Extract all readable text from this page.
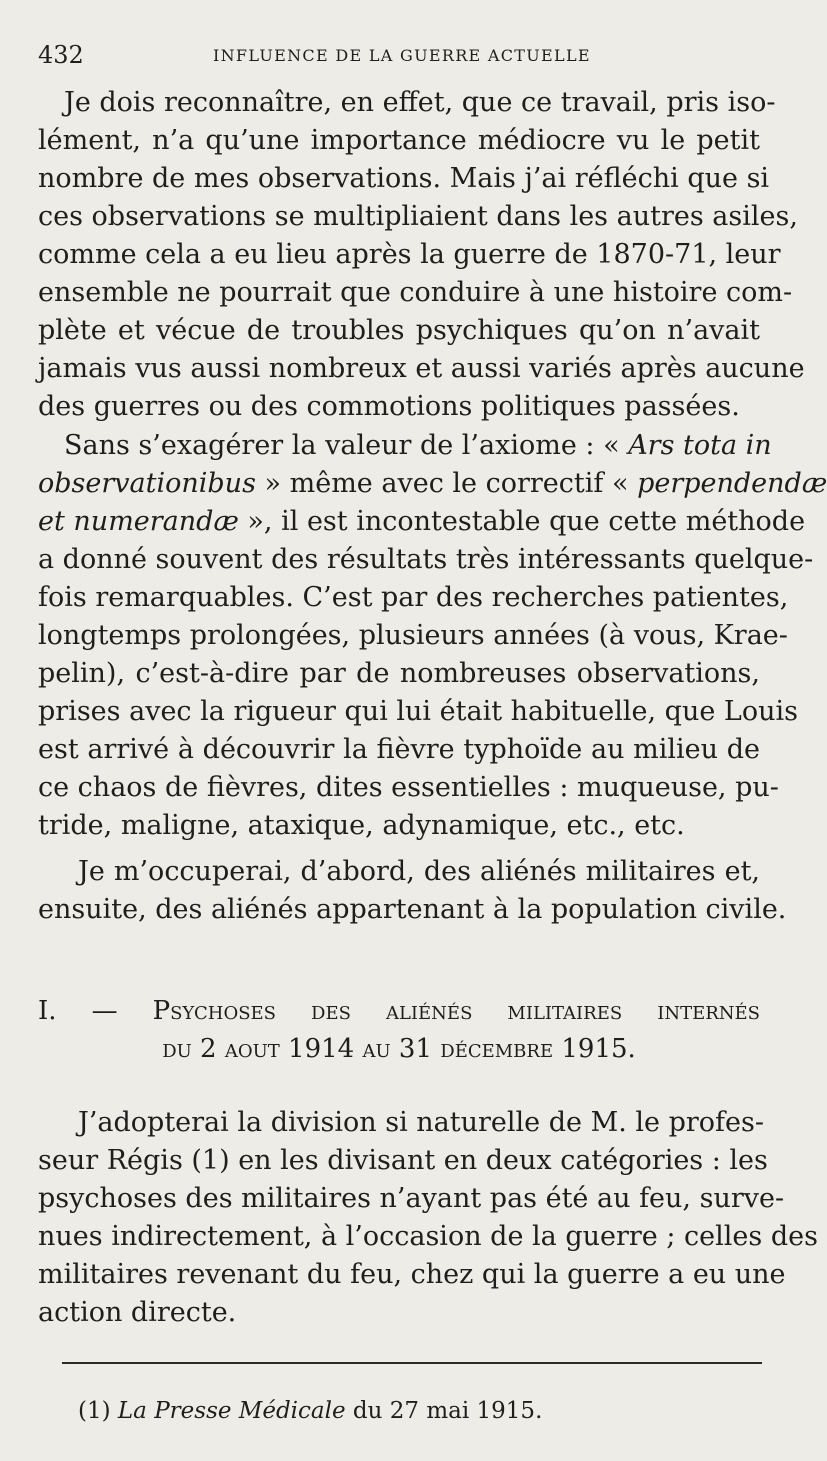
432	INFLUENCE DE LA GUERRE ACTUELLE
Je dois reconnaître, en effet, que ce travail, pris iso-
lément, n’a qu’une importance médiocre vu le petit
nombre de mes observations. Mais j’ai réfléchi que si
ces observations se multipliaient dans les autres asiles,
comme cela a eu lieu après la guerre de 1870-71, leur
ensemble ne pourrait que conduire à une histoire com-
plète et vécue de troubles psychiques qu’on n’avait
jamais vus aussi nombreux et aussi variés après aucune
des guerres ou des commotions politiques passées.
Sans s’exagérer la valeur de l’axiome : « Ars tota in
observationibus » même avec le correctif « perpendendæ
et numerandæ », il est incontestable que cette méthode
a donné souvent des résultats très intéressants quelque-
fois remarquables. C’est par des recherches patientes,
longtemps prolongées, plusieurs années (à vous, Krae-
pelin), c’est-à-dire par de nombreuses observations,
prises avec la rigueur qui lui était habituelle, que Louis
est arrivé à découvrir la fièvre typhoïde au milieu de
ce chaos de fièvres, dites essentielles : muqueuse, pu-
tride, maligne, ataxique, adynamique, etc., etc.
Je m’occuperai, d’abord, des aliénés militaires et,
ensuite, des aliénés appartenant à la population civile.
I. — Psychoses des aliénés militaires internés
du 2 aout 1914 au 31 décembre 1915.
J’adopterai la division si naturelle de M. le profes-
seur Régis (1) en les divisant en deux catégories : les
psychoses des militaires n’ayant pas été au feu, surve-
nues indirectement, à l’occasion de la guerre ; celles des
militaires revenant du feu, chez qui la guerre a eu une
action directe.
(1) La Presse Médicale du 27 mai 1915.
